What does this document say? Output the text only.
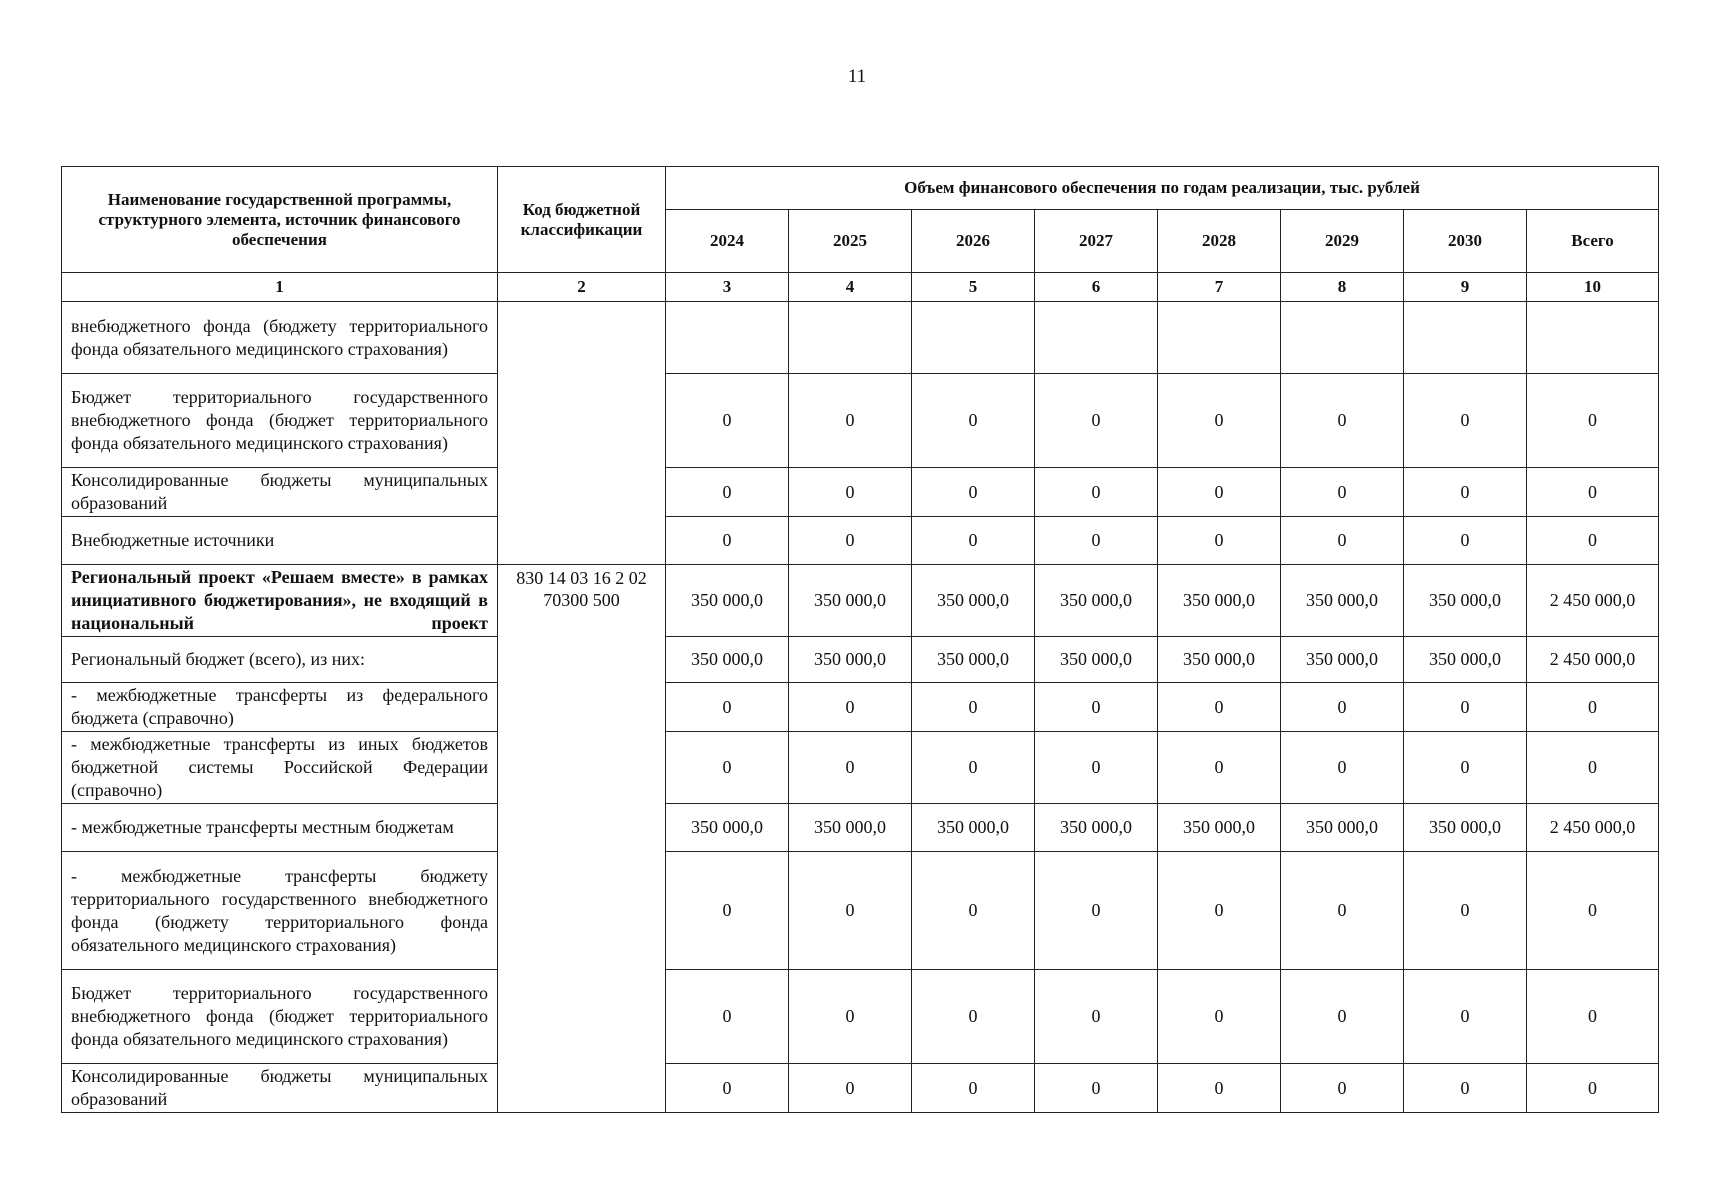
11
Наименование государственной программы, структурного элемента, источник финансового обеспечения	Код бюджетной классификации	Объем финансового обеспечения по годам реализации, тыс. рублей							
		2024	2025	2026	2027	2028	2029	2030	Всего
1	2	3	4	5	6	7	8	9	10
внебюджетного фонда (бюджету территориального фонда обязательного медицинского страхования)									
Бюджет территориального государственного внебюджетного фонда (бюджет территориального фонда обязательного медицинского страхования)		0	0	0	0	0	0	0	0
Консолидированные бюджеты муниципальных образований		0	0	0	0	0	0	0	0
Внебюджетные источники		0	0	0	0	0	0	0	0
Региональный проект «Решаем вместе» в рамках инициативного бюджетирования», не входящий в национальный проект	830 14 03 16 2 02 70300 500	350 000,0	350 000,0	350 000,0	350 000,0	350 000,0	350 000,0	350 000,0	2 450 000,0
Региональный бюджет (всего), из них:		350 000,0	350 000,0	350 000,0	350 000,0	350 000,0	350 000,0	350 000,0	2 450 000,0
- межбюджетные трансферты из федерального бюджета (справочно)		0	0	0	0	0	0	0	0
- межбюджетные трансферты из иных бюджетов бюджетной системы Российской Федерации (справочно)		0	0	0	0	0	0	0	0
- межбюджетные трансферты местным бюджетам		350 000,0	350 000,0	350 000,0	350 000,0	350 000,0	350 000,0	350 000,0	2 450 000,0
- межбюджетные трансферты бюджету территориального государственного внебюджетного фонда (бюджету территориального фонда обязательного медицинского страхования)		0	0	0	0	0	0	0	0
Бюджет территориального государственного внебюджетного фонда (бюджет территориального фонда обязательного медицинского страхования)		0	0	0	0	0	0	0	0
Консолидированные бюджеты муниципальных образований		0	0	0	0	0	0	0	0
